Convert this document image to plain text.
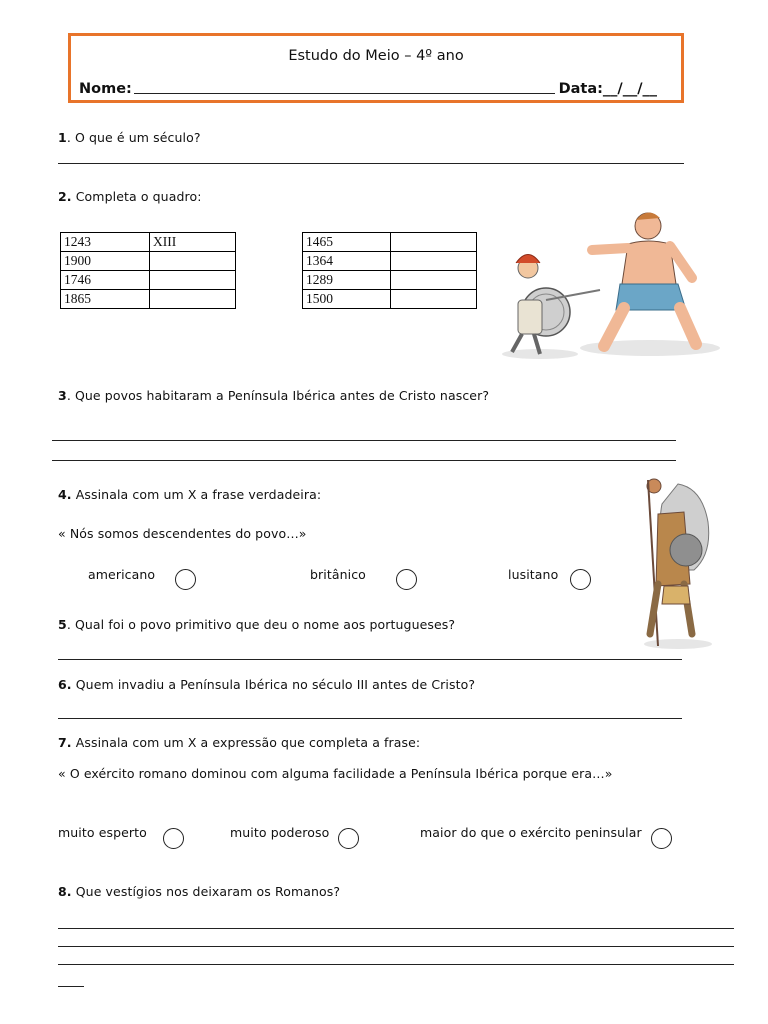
Estudo do Meio – 4º ano
Nome:	Data:__/__/__
1. O que é um século?
2. Completa o quadro:
1243	XIII
1900	
1746	
1865	
1465	
1364	
1289	
1500	
3. Que povos habitaram a Península Ibérica antes de Cristo nascer?
4. Assinala com um X a frase verdadeira:
« Nós somos descendentes do povo…»
americano	britânico	lusitano
5. Qual foi o povo primitivo que deu o nome aos portugueses?
6. Quem invadiu a Península Ibérica no século III antes de Cristo?
7. Assinala com um X a expressão que completa a frase:
« O exército romano dominou com alguma facilidade a Península Ibérica porque era…»
muito esperto	muito poderoso	maior do que o exército peninsular
8. Que vestígios nos deixaram os Romanos?
